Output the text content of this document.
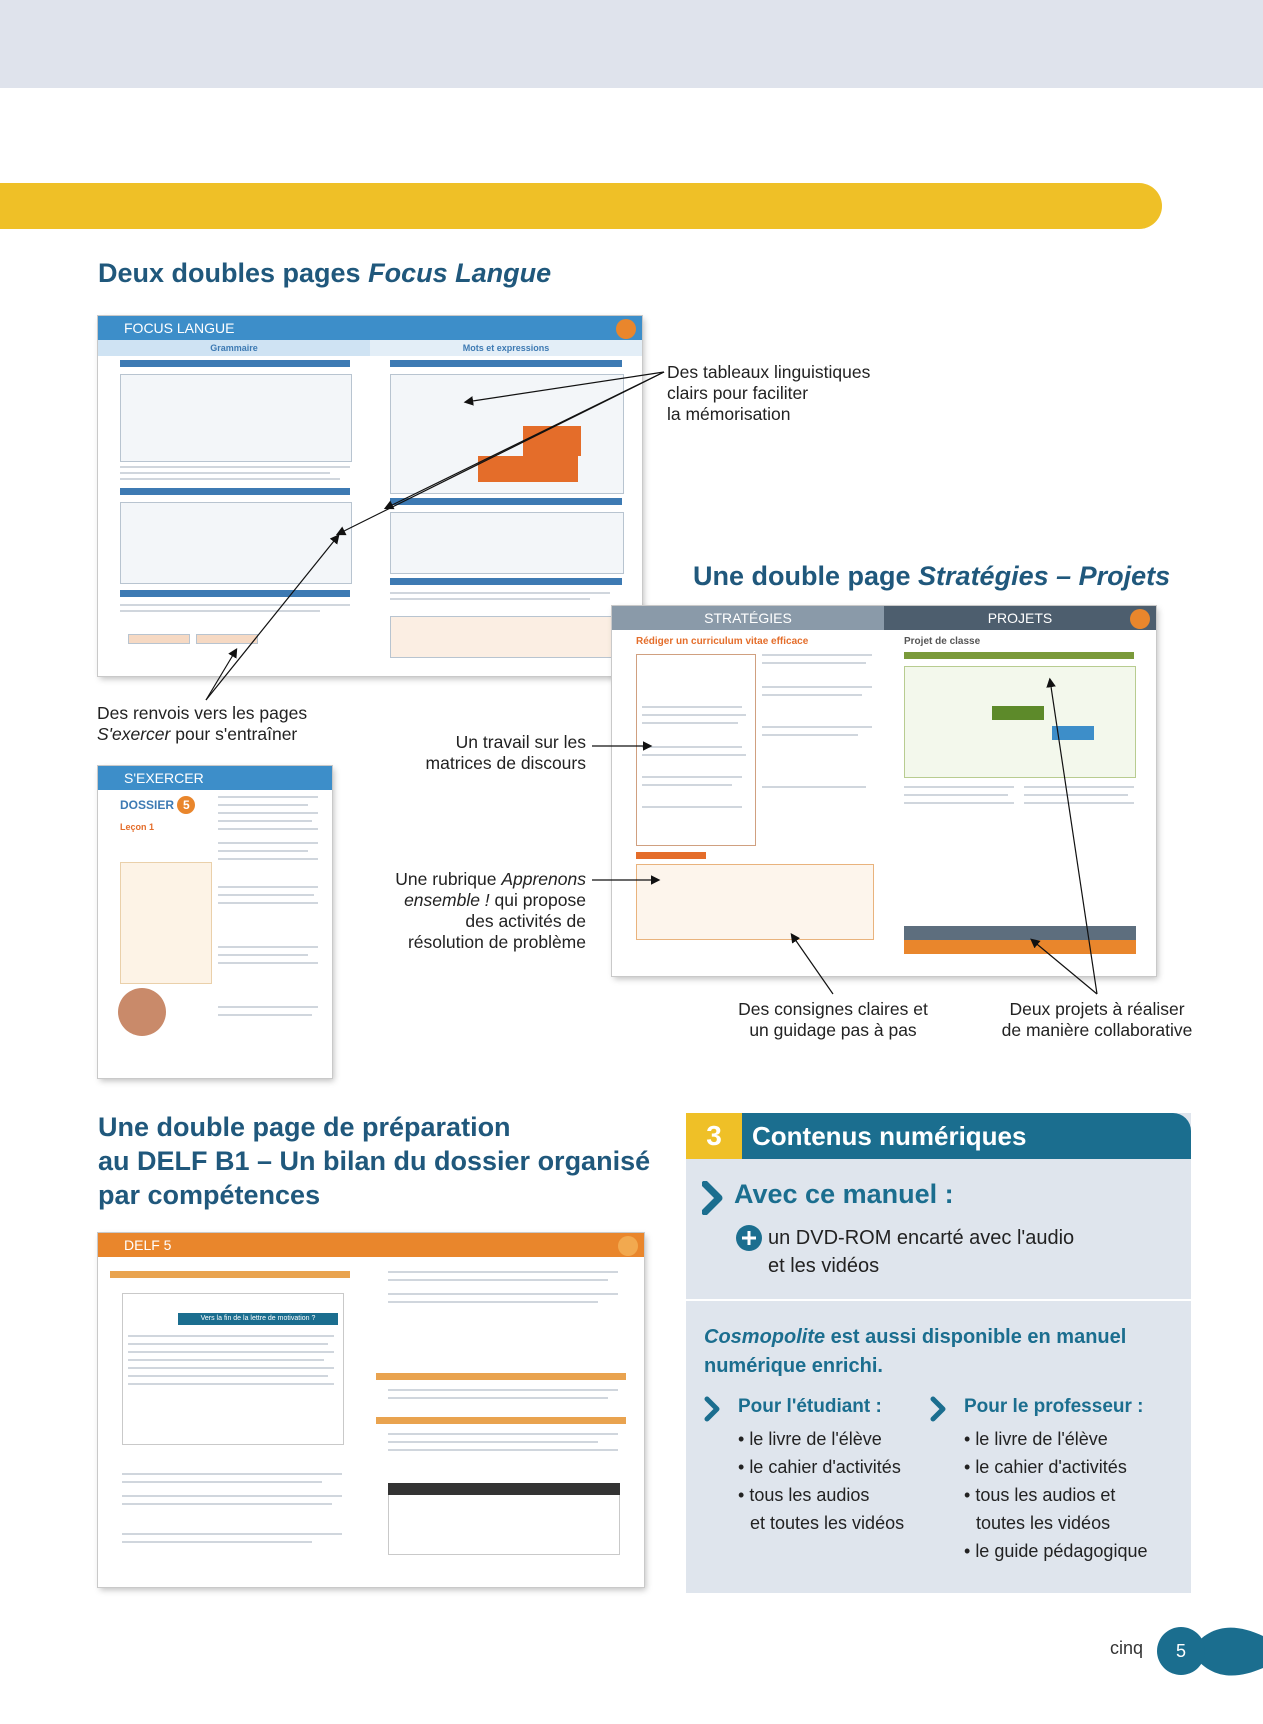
Deux doubles pages Focus Langue
FOCUS LANGUE
Grammaire	Mots et expressions
Des tableaux linguistiques
clairs pour faciliter
la mémorisation
Une double page Stratégies – Projets
STRATÉGIES	PROJETS
Rédiger un curriculum vitae efficace	Projet de classe
Des renvois vers les pages
S'exercer pour s'entraîner	Un travail sur les
matrices de discours
Une rubrique Apprenons
ensemble ! qui propose
des activités de
résolution de problème
S'EXERCER
DOSSIER 5
Leçon 1
Des consignes claires et
un guidage pas à pas
Deux projets à réaliser
de manière collaborative
Une double page de préparation
au DELF B1 – Un bilan du dossier organisé
par compétences
DELF 5
Vers la fin de la lettre de motivation ?
3	Contenus numériques
Avec ce manuel :
un DVD-ROM encarté avec l'audio
et les vidéos
Cosmopolite est aussi disponible en manuel
numérique enrichi.
Pour l'étudiant :
• le livre de l'élève
• le cahier d'activités
• tous les audios
et toutes les vidéos
Pour le professeur :
• le livre de l'élève
• le cahier d'activités
• tous les audios et
toutes les vidéos
• le guide pédagogique
cinq	5
